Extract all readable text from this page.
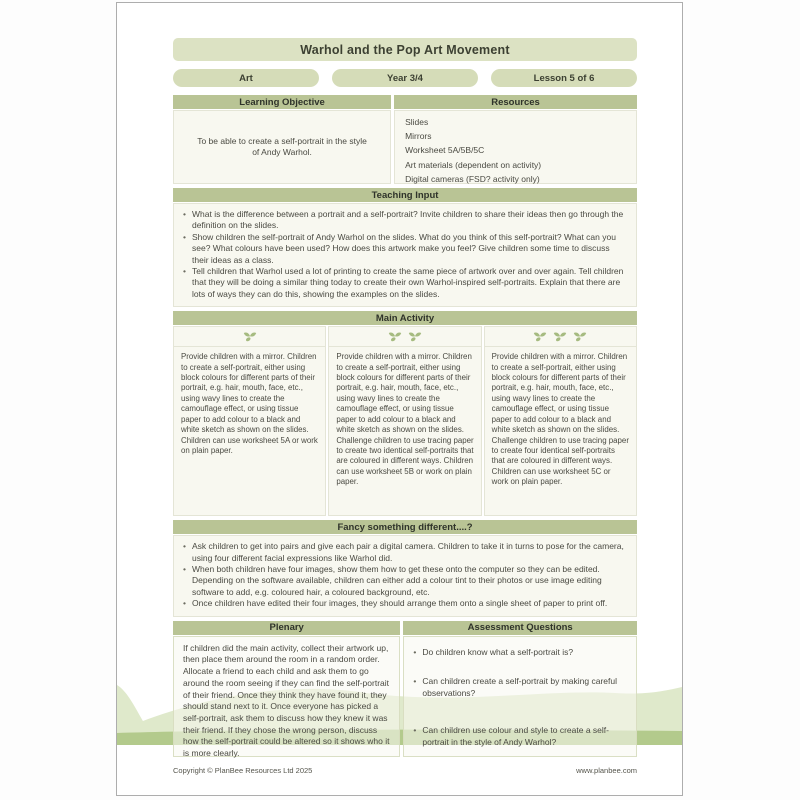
Warhol and the Pop Art Movement
Art	Year 3/4	Lesson 5 of 6
Learning Objective	Resources
To be able to create a self-portrait in the style of Andy Warhol.
Slides
Mirrors
Worksheet 5A/5B/5C
Art materials (dependent on activity)
Digital cameras (FSD? activity only)
Teaching Input
• What is the difference between a portrait and a self-portrait? Invite children to share their ideas then go through the definition on the slides.
• Show children the self-portrait of Andy Warhol on the slides. What do you think of this self-portrait? What can you see? What colours have been used? How does this artwork make you feel? Give children some time to discuss their ideas as a class.
• Tell children that Warhol used a lot of printing to create the same piece of artwork over and over again. Tell children that they will be doing a similar thing today to create their own Warhol-inspired self-portraits. Explain that there are lots of ways they can do this, showing the examples on the slides.
Main Activity
Provide children with a mirror. Children to create a self-portrait, either using block colours for different parts of their portrait, e.g. hair, mouth, face, etc., using wavy lines to create the camouflage effect, or using tissue paper to add colour to a black and white sketch as shown on the slides. Children can use worksheet 5A or work on plain paper.
Provide children with a mirror. Children to create a self-portrait, either using block colours for different parts of their portrait, e.g. hair, mouth, face, etc., using wavy lines to create the camouflage effect, or using tissue paper to add colour to a black and white sketch as shown on the slides. Challenge children to use tracing paper to create two identical self-portraits that are coloured in different ways. Children can use worksheet 5B or work on plain paper.
Provide children with a mirror. Children to create a self-portrait, either using block colours for different parts of their portrait, e.g. hair, mouth, face, etc., using wavy lines to create the camouflage effect, or using tissue paper to add colour to a black and white sketch as shown on the slides. Challenge children to use tracing paper to create four identical self-portraits that are coloured in different ways. Children can use worksheet 5C or work on plain paper.
Fancy something different....?
• Ask children to get into pairs and give each pair a digital camera. Children to take it in turns to pose for the camera, using four different facial expressions like Warhol did.
• When both children have four images, show them how to get these onto the computer so they can be edited. Depending on the software available, children can either add a colour tint to their photos or use image editing software to add, e.g. coloured hair, a coloured background, etc.
• Once children have edited their four images, they should arrange them onto a single sheet of paper to print off.
Plenary	Assessment Questions
If children did the main activity, collect their artwork up, then place them around the room in a random order. Allocate a friend to each child and ask them to go around the room seeing if they can find the self-portrait of their friend. Once they think they have found it, they should stand next to it. Once everyone has picked a self-portrait, ask them to discuss how they knew it was their friend. If they chose the wrong person, discuss how the self-portrait could be altered so it shows who it is more clearly.
• Do children know what a self-portrait is?
• Can children create a self-portrait by making careful observations?
• Can children use colour and style to create a self-portrait in the style of Andy Warhol?
Copyright © PlanBee Resources Ltd 2025	www.planbee.com
